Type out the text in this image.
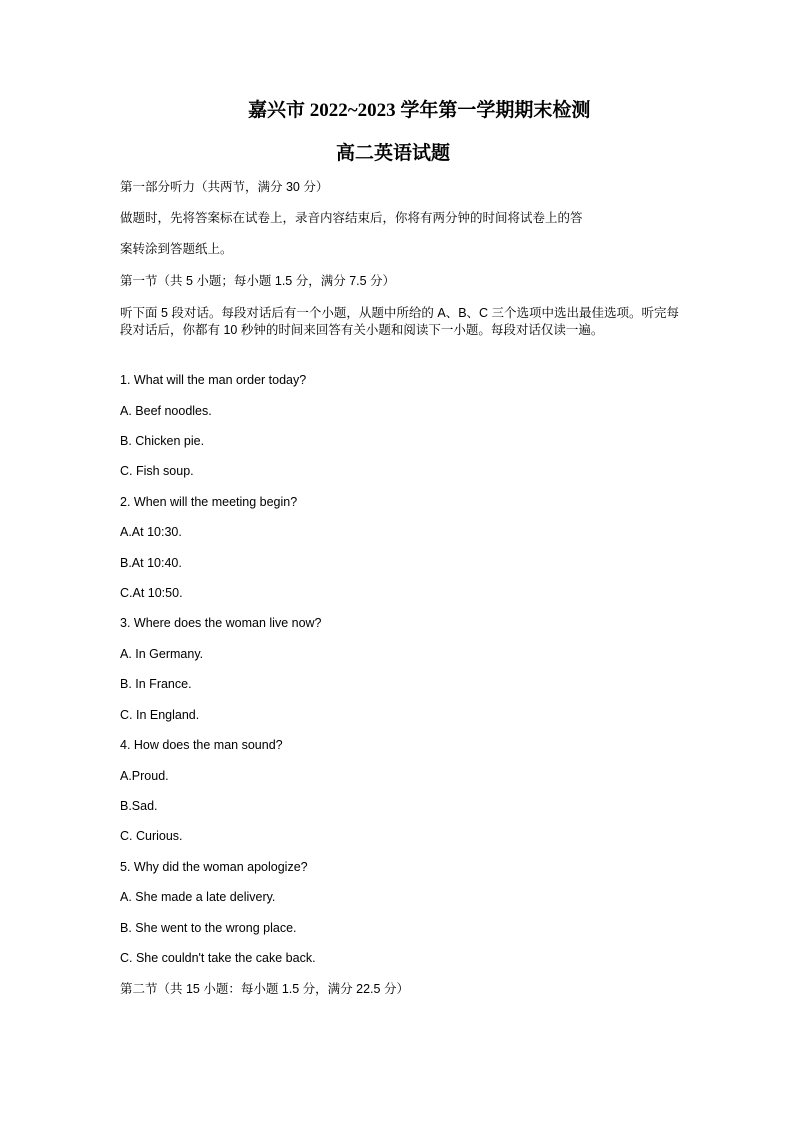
嘉兴市 2022~2023 学年第一学期期末检测
高二英语试题
第一部分听力（共两节，满分 30 分）
做题时，先将答案标在试卷上，录音内容结束后，你将有两分钟的时间将试卷上的答
案转涂到答题纸上。
第一节（共 5 小题；每小题 1.5 分，满分 7.5 分）
听下面 5 段对话。每段对话后有一个小题，从题中所给的 A、B、C 三个选项中选出最佳选项。听完每段对话后，你都有 10 秒钟的时间来回答有关小题和阅读下一小题。每段对话仅读一遍。
1. What will the man order today?
A. Beef noodles.
B. Chicken pie.
C. Fish soup.
2. When will the meeting begin?
A.At 10:30.
B.At 10:40.
C.At 10:50.
3. Where does the woman live now?
A. In Germany.
B. In France.
C. In England.
4. How does the man sound?
A.Proud.
B.Sad.
C. Curious.
5. Why did the woman apologize?
A. She made a late delivery.
B. She went to the wrong place.
C. She couldn't take the cake back.
第二节（共 15 小题：每小题 1.5 分，满分 22.5 分）
